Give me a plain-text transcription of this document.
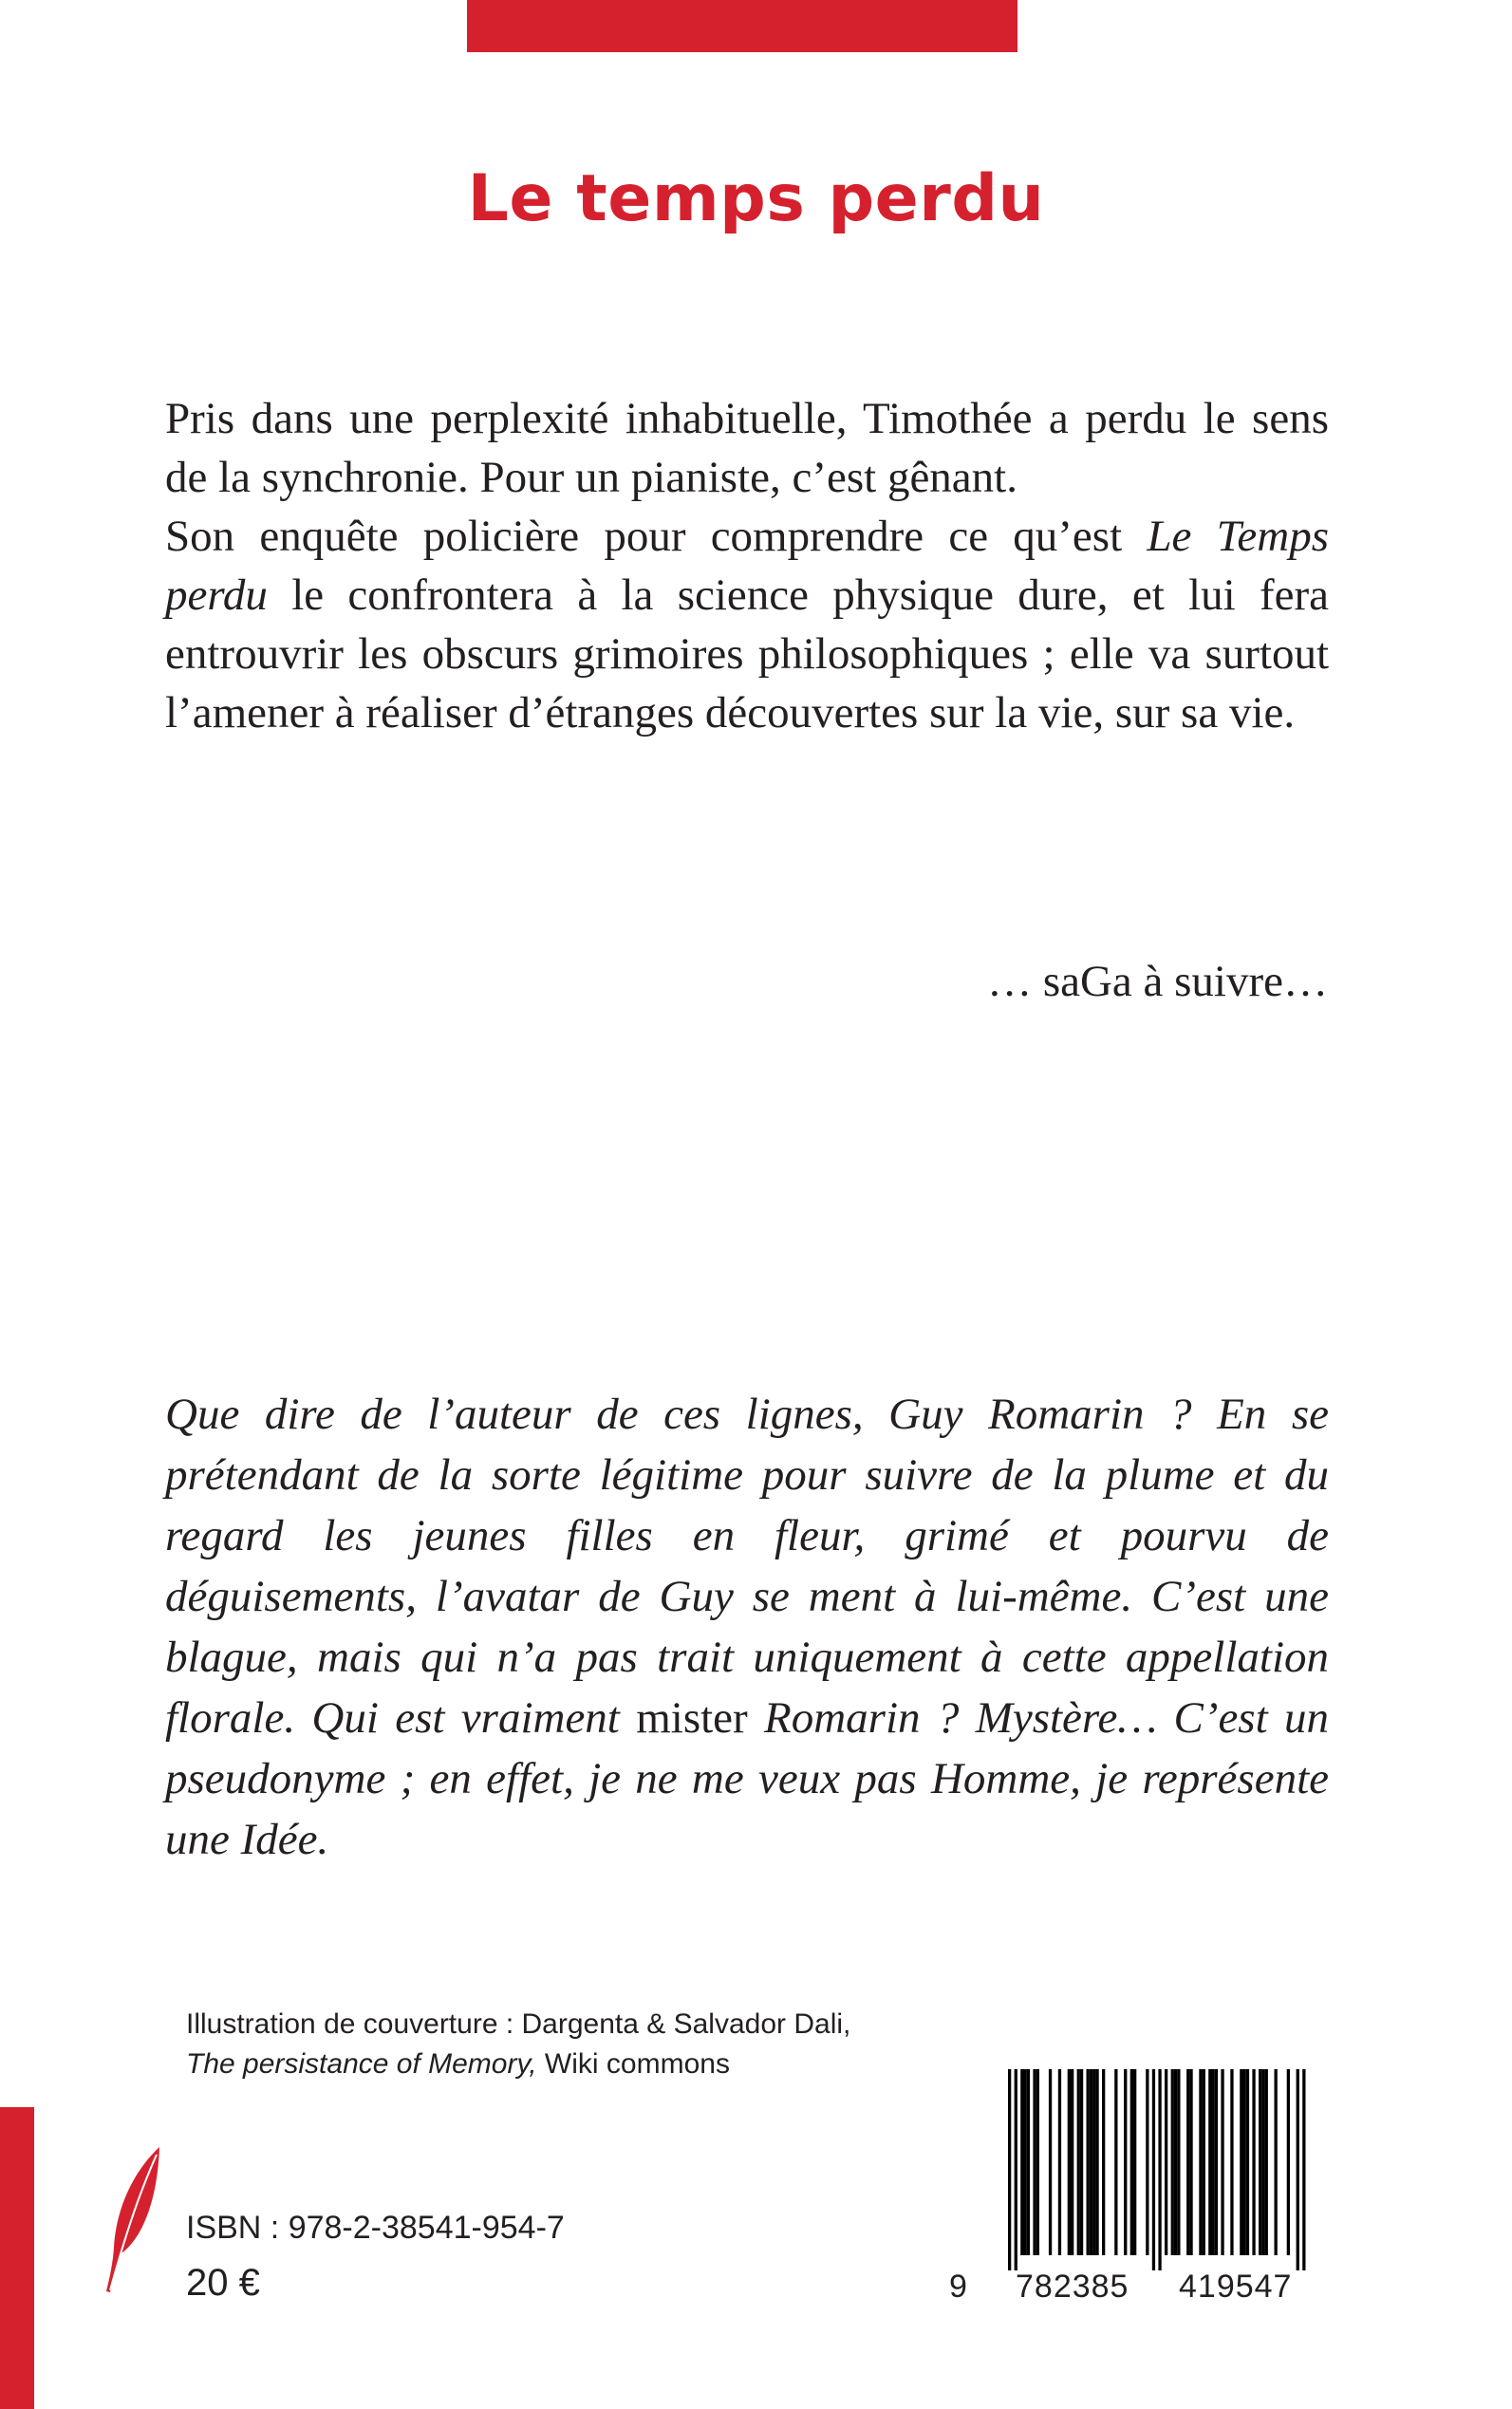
Le temps perdu

Pris dans une perplexité inhabituelle, Timothée a perdu le sens de la synchronie. Pour un pianiste, c’est gênant.
Son enquête policière pour comprendre ce qu’est Le Temps perdu le confrontera à la science physique dure, et lui fera entrouvrir les obscurs grimoires philosophiques ; elle va surtout l’amener à réaliser d’étranges découvertes sur la vie, sur sa vie.

… saGa à suivre…

Que dire de l’auteur de ces lignes, Guy Romarin ? En se prétendant de la sorte légitime pour suivre de la plume et du regard les jeunes filles en fleur, grimé et pourvu de déguisements, l’avatar de Guy se ment à lui-même. C’est une blague, mais qui n’a pas trait uniquement à cette appellation florale. Qui est vraiment mister Romarin ? Mystère… C’est un pseudonyme ; en effet, je ne me veux pas Homme, je représente une Idée.

Illustration de couverture : Dargenta & Salvador Dali,
The persistance of Memory, Wiki commons
ISBN : 978-2-38541-954-7
20 €	9 782385 419547
